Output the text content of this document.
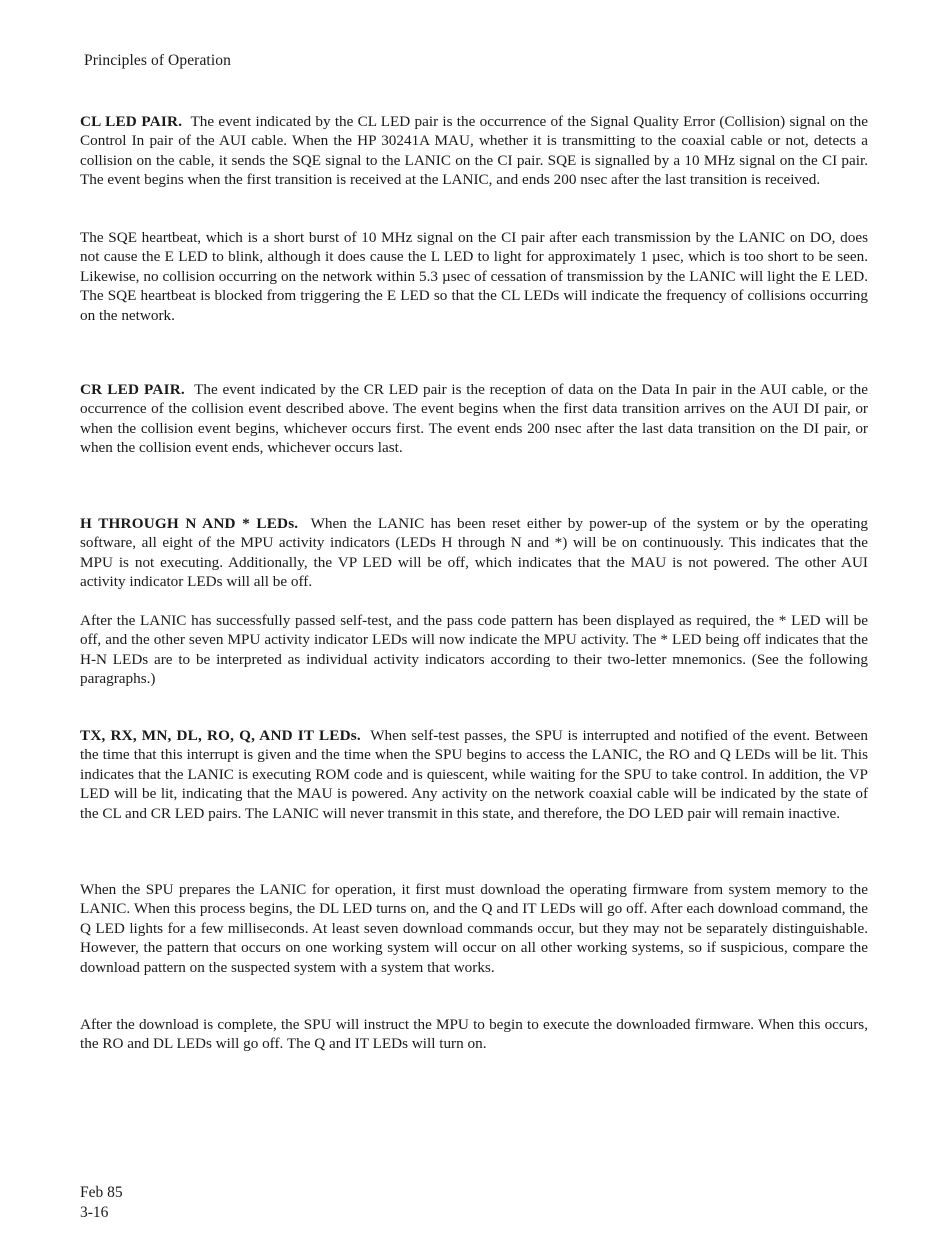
Principles of Operation

CL LED PAIR. The event indicated by the CL LED pair is the occurrence of the Signal Quality Error (Collision) signal on the Control In pair of the AUI cable. When the HP 30241A MAU, whether it is transmitting to the coaxial cable or not, detects a collision on the cable, it sends the SQE signal to the LANIC on the CI pair. SQE is signalled by a 10 MHz signal on the CI pair. The event begins when the first transition is received at the LANIC, and ends 200 nsec after the last transition is received.

The SQE heartbeat, which is a short burst of 10 MHz signal on the CI pair after each transmission by the LANIC on DO, does not cause the E LED to blink, although it does cause the L LED to light for approximately 1 µsec, which is too short to be seen. Likewise, no collision occurring on the network within 5.3 µsec of cessation of transmission by the LANIC will light the E LED. The SQE heartbeat is blocked from triggering the E LED so that the CL LEDs will indicate the frequency of collisions occurring on the network.

CR LED PAIR. The event indicated by the CR LED pair is the reception of data on the Data In pair in the AUI cable, or the occurrence of the collision event described above. The event begins when the first data transition arrives on the AUI DI pair, or when the collision event begins, whichever occurs first. The event ends 200 nsec after the last data transition on the DI pair, or when the collision event ends, whichever occurs last.

H THROUGH N AND * LEDs. When the LANIC has been reset either by power-up of the system or by the operating software, all eight of the MPU activity indicators (LEDs H through N and *) will be on continuously. This indicates that the MPU is not executing. Additionally, the VP LED will be off, which indicates that the MAU is not powered. The other AUI activity indicator LEDs will all be off.

After the LANIC has successfully passed self-test, and the pass code pattern has been displayed as required, the * LED will be off, and the other seven MPU activity indicator LEDs will now indicate the MPU activity. The * LED being off indicates that the H-N LEDs are to be interpreted as individual activity indicators according to their two-letter mnemonics. (See the following paragraphs.)

TX, RX, MN, DL, RO, Q, AND IT LEDs. When self-test passes, the SPU is interrupted and notified of the event. Between the time that this interrupt is given and the time when the SPU begins to access the LANIC, the RO and Q LEDs will be lit. This indicates that the LANIC is executing ROM code and is quiescent, while waiting for the SPU to take control. In addition, the VP LED will be lit, indicating that the MAU is powered. Any activity on the network coaxial cable will be indicated by the state of the CL and CR LED pairs. The LANIC will never transmit in this state, and therefore, the DO LED pair will remain inactive.

When the SPU prepares the LANIC for operation, it first must download the operating firmware from system memory to the LANIC. When this process begins, the DL LED turns on, and the Q and IT LEDs will go off. After each download command, the Q LED lights for a few milliseconds. At least seven download commands occur, but they may not be separately distinguishable. However, the pattern that occurs on one working system will occur on all other working systems, so if suspicious, compare the download pattern on the suspected system with a system that works.

After the download is complete, the SPU will instruct the MPU to begin to execute the downloaded firmware. When this occurs, the RO and DL LEDs will go off. The Q and IT LEDs will turn on.

Feb 85
3-16
